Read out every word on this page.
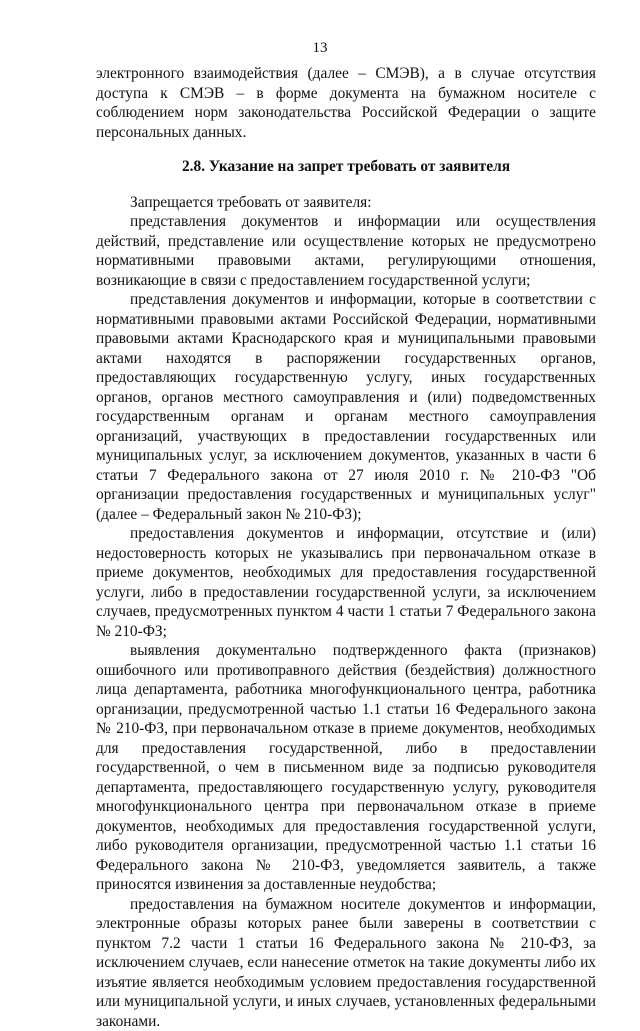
13

электронного взаимодействия (далее – СМЭВ), а в случае отсутствия доступа к СМЭВ – в форме документа на бумажном носителе с соблюдением норм законодательства Российской Федерации о защите персональных данных.

2.8. Указание на запрет требовать от заявителя

Запрещается требовать от заявителя:

представления документов и информации или осуществления действий, представление или осуществление которых не предусмотрено нормативными правовыми актами, регулирующими отношения, возникающие в связи с предоставлением государственной услуги;

представления документов и информации, которые в соответствии с нормативными правовыми актами Российской Федерации, нормативными правовыми актами Краснодарского края и муниципальными правовыми актами находятся в распоряжении государственных органов, предоставляющих государственную услугу, иных государственных органов, органов местного самоуправления и (или) подведомственных государственным органам и органам местного самоуправления организаций, участвующих в предоставлении государственных или муниципальных услуг, за исключением документов, указанных в части 6 статьи 7 Федерального закона от 27 июля 2010 г. № 210-ФЗ "Об организации предоставления государственных и муниципальных услуг" (далее – Федеральный закон № 210-ФЗ);

предоставления документов и информации, отсутствие и (или) недостоверность которых не указывались при первоначальном отказе в приеме документов, необходимых для предоставления государственной услуги, либо в предоставлении государственной услуги, за исключением случаев, предусмотренных пунктом 4 части 1 статьи 7 Федерального закона № 210-ФЗ;

выявления документально подтвержденного факта (признаков) ошибочного или противоправного действия (бездействия) должностного лица департамента, работника многофункционального центра, работника организации, предусмотренной частью 1.1 статьи 16 Федерального закона № 210-ФЗ, при первоначальном отказе в приеме документов, необходимых для предоставления государственной, либо в предоставлении государственной, о чем в письменном виде за подписью руководителя департамента, предоставляющего государственную услугу, руководителя многофункционального центра при первоначальном отказе в приеме документов, необходимых для предоставления государственной услуги, либо руководителя организации, предусмотренной частью 1.1 статьи 16 Федерального закона № 210-ФЗ, уведомляется заявитель, а также приносятся извинения за доставленные неудобства;

предоставления на бумажном носителе документов и информации, электронные образы которых ранее были заверены в соответствии с пунктом 7.2 части 1 статьи 16 Федерального закона № 210-ФЗ, за исключением случаев, если нанесение отметок на такие документы либо их изъятие является необходимым условием предоставления государственной или муниципальной услуги, и иных случаев, установленных федеральными законами.
